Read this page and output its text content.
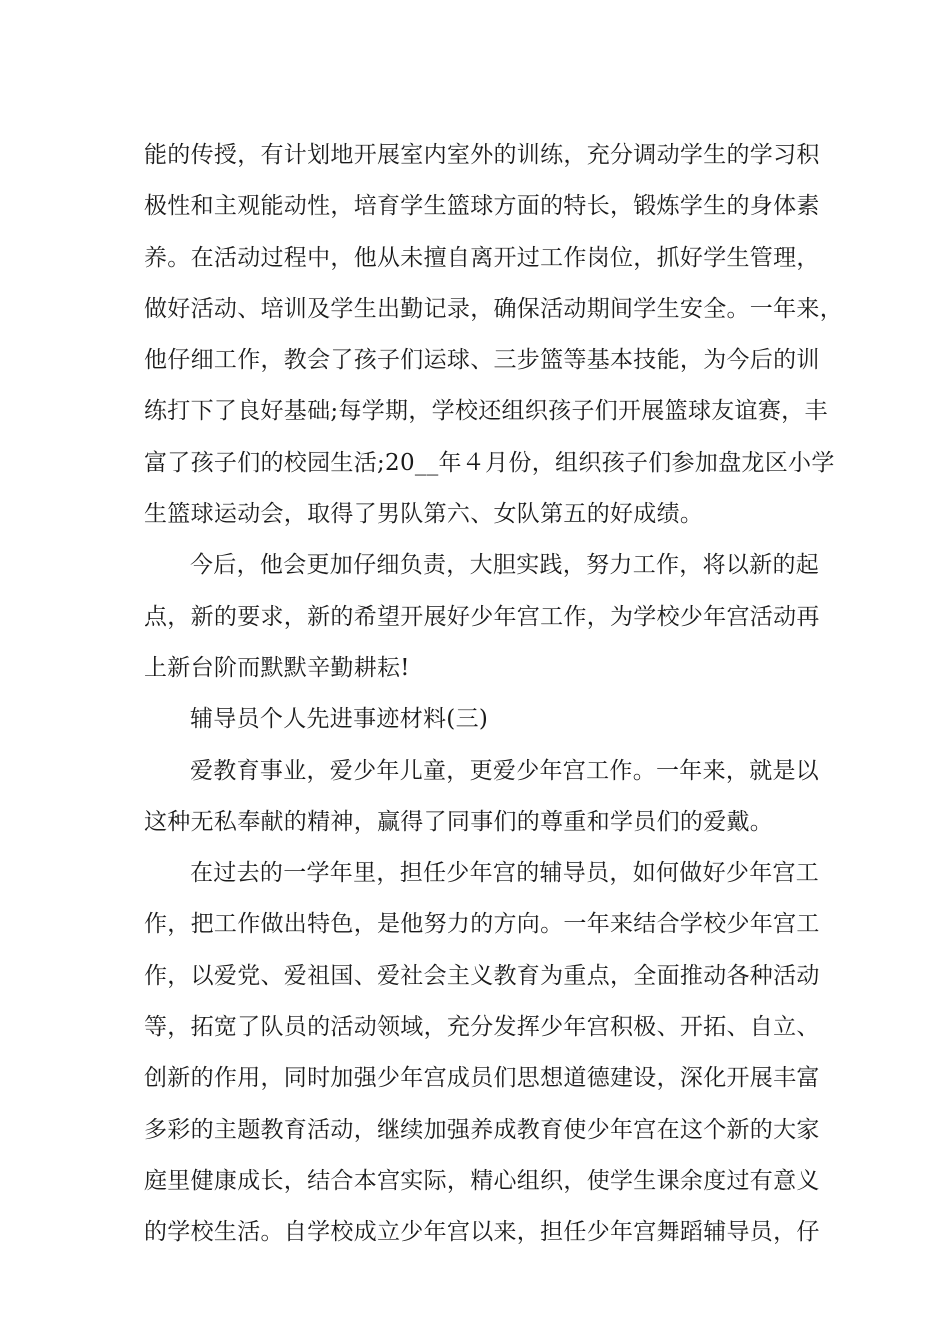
能的传授，有计划地开展室内室外的训练，充分调动学生的学习积
极性和主观能动性，培育学生篮球方面的特长，锻炼学生的身体素
养。在活动过程中，他从未擅自离开过工作岗位，抓好学生管理，
做好活动、培训及学生出勤记录，确保活动期间学生安全。一年来，
他仔细工作，教会了孩子们运球、三步篮等基本技能，为今后的训
练打下了良好基础;每学期，学校还组织孩子们开展篮球友谊赛，丰
富了孩子们的校园生活;20__年４月份，组织孩子们参加盘龙区小学
生篮球运动会，取得了男队第六、女队第五的好成绩。
今后，他会更加仔细负责，大胆实践，努力工作，将以新的起
点，新的要求，新的希望开展好少年宫工作，为学校少年宫活动再
上新台阶而默默辛勤耕耘!
辅导员个人先进事迹材料(三)
爱教育事业，爱少年儿童，更爱少年宫工作。一年来，就是以
这种无私奉献的精神，赢得了同事们的尊重和学员们的爱戴。
在过去的一学年里，担任少年宫的辅导员，如何做好少年宫工
作，把工作做出特色，是他努力的方向。一年来结合学校少年宫工
作，以爱党、爱祖国、爱社会主义教育为重点，全面推动各种活动
等，拓宽了队员的活动领域，充分发挥少年宫积极、开拓、自立、
创新的作用，同时加强少年宫成员们思想道德建设，深化开展丰富
多彩的主题教育活动，继续加强养成教育使少年宫在这个新的大家
庭里健康成长，结合本宫实际，精心组织，使学生课余度过有意义
的学校生活。自学校成立少年宫以来，担任少年宫舞蹈辅导员，仔
